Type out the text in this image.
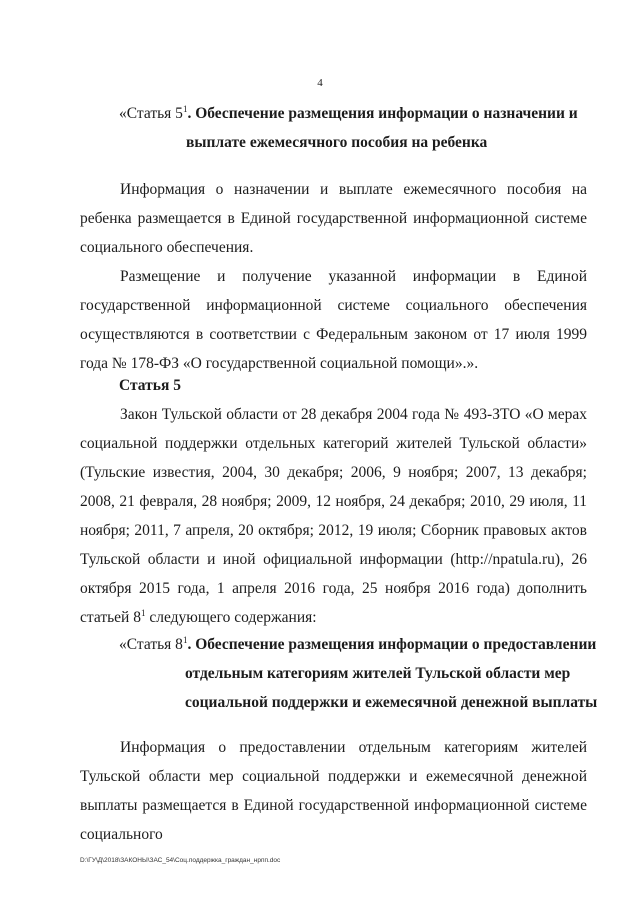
4
«Статья $5^1$. Обеспечение размещения информации о назначении и
выплате ежемесячного пособия на ребенка

Информация о назначении и выплате ежемесячного пособия на ребенка размещается в Единой государственной информационной системе социального обеспечения.

Размещение и получение указанной информации в Единой государственной информационной системе социального обеспечения осуществляются в соответствии с Федеральным законом от 17 июля 1999 года № 178-ФЗ «О государственной социальной помощи».».

Статья 5

Закон Тульской области от 28 декабря 2004 года № 493-ЗТО «О мерах социальной поддержки отдельных категорий жителей Тульской области» (Тульские известия, 2004, 30 декабря; 2006, 9 ноября; 2007, 13 декабря; 2008, 21 февраля, 28 ноября; 2009, 12 ноября, 24 декабря; 2010, 29 июля, 11 ноября; 2011, 7 апреля, 20 октября; 2012, 19 июля; Сборник правовых актов Тульской области и иной официальной информации (http://npatula.ru), 26 октября 2015 года, 1 апреля 2016 года, 25 ноября 2016 года) дополнить статьей $8^1$ следующего содержания:

«Статья $8^1$. Обеспечение размещения информации о предоставлении
отдельным категориям жителей Тульской области мер
социальной поддержки и ежемесячной денежной выплаты

Информация о предоставлении отдельным категориям жителей Тульской области мер социальной поддержки и ежемесячной денежной выплаты размещается в Единой государственной информационной системе социального

D:\ГУ\Д\2018\ЗАКОНЫ\ЗАС_54\Соц.поддержка_граждан_нрпп.doc
